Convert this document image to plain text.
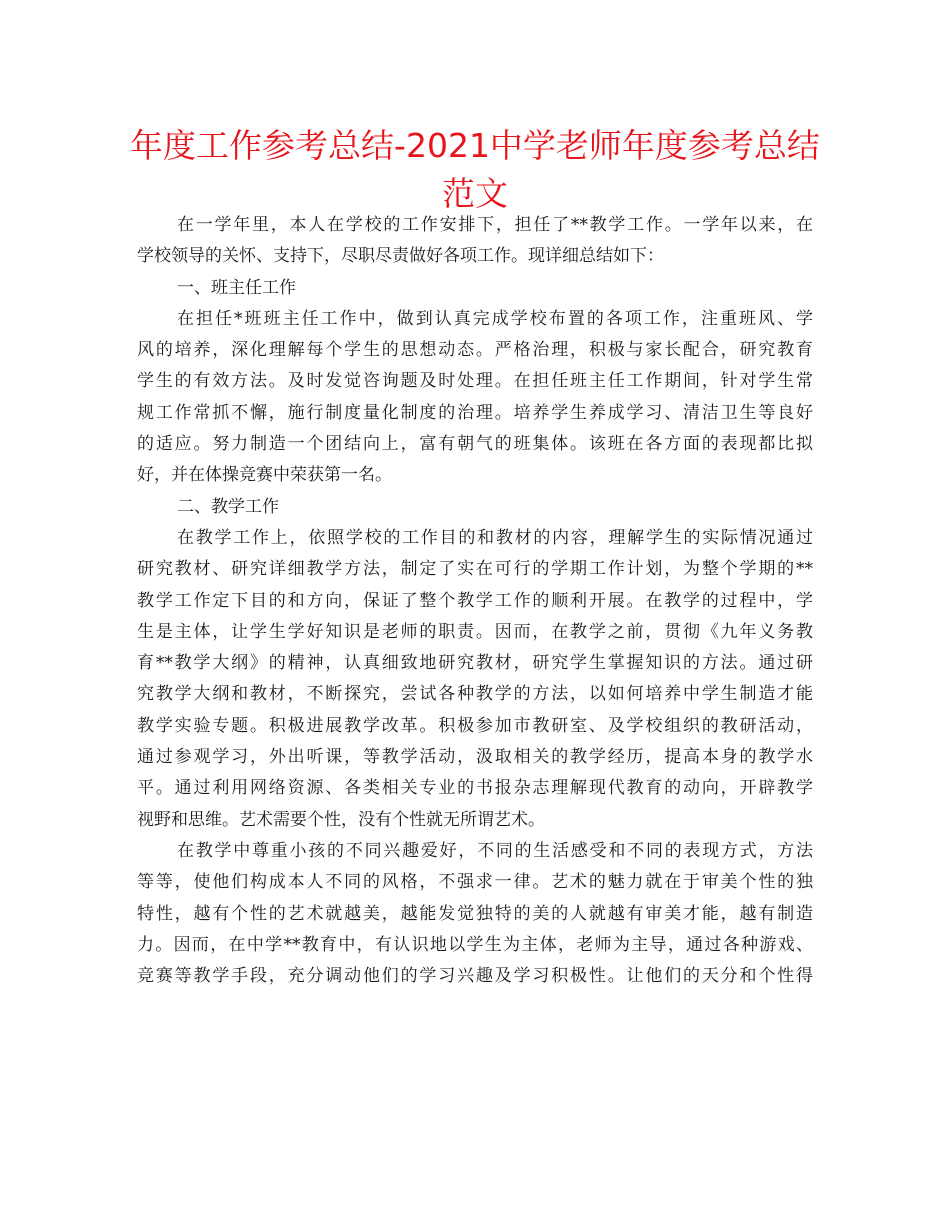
年度工作参考总结-2021中学老师年度参考总结
范文
在一学年里，本人在学校的工作安排下，担任了**教学工作。一学年以来，在
学校领导的关怀、支持下，尽职尽责做好各项工作。现详细总结如下：
一、班主任工作
在担任*班班主任工作中，做到认真完成学校布置的各项工作，注重班风、学
风的培养，深化理解每个学生的思想动态。严格治理，积极与家长配合，研究教育
学生的有效方法。及时发觉咨询题及时处理。在担任班主任工作期间，针对学生常
规工作常抓不懈，施行制度量化制度的治理。培养学生养成学习、清洁卫生等良好
的适应。努力制造一个团结向上，富有朝气的班集体。该班在各方面的表现都比拟
好，并在体操竞赛中荣获第一名。
二、教学工作
在教学工作上，依照学校的工作目的和教材的内容，理解学生的实际情况通过
研究教材、研究详细教学方法，制定了实在可行的学期工作计划，为整个学期的**
教学工作定下目的和方向，保证了整个教学工作的顺利开展。在教学的过程中，学
生是主体，让学生学好知识是老师的职责。因而，在教学之前，贯彻《九年义务教
育**教学大纲》的精神，认真细致地研究教材，研究学生掌握知识的方法。通过研
究教学大纲和教材，不断探究，尝试各种教学的方法，以如何培养中学生制造才能
教学实验专题。积极进展教学改革。积极参加市教研室、及学校组织的教研活动，
通过参观学习，外出听课，等教学活动，汲取相关的教学经历，提高本身的教学水
平。通过利用网络资源、各类相关专业的书报杂志理解现代教育的动向，开辟教学
视野和思维。艺术需要个性，没有个性就无所谓艺术。
在教学中尊重小孩的不同兴趣爱好，不同的生活感受和不同的表现方式，方法
等等，使他们构成本人不同的风格，不强求一律。艺术的魅力就在于审美个性的独
特性，越有个性的艺术就越美，越能发觉独特的美的人就越有审美才能，越有制造
力。因而，在中学**教育中，有认识地以学生为主体，老师为主导，通过各种游戏、
竞赛等教学手段，充分调动他们的学习兴趣及学习积极性。让他们的天分和个性得
